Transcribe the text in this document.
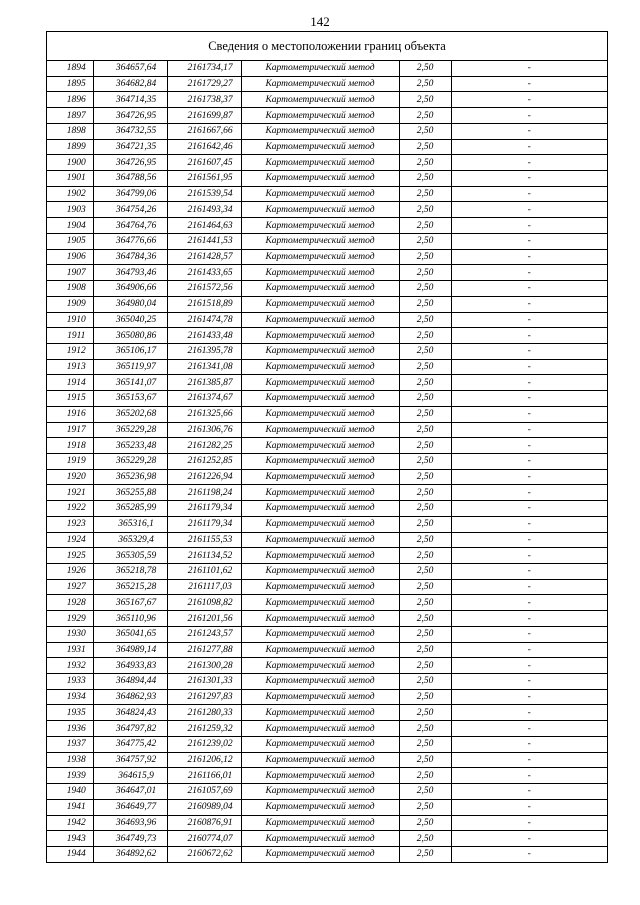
142
Сведения о местоположении границ объекта
1894	364657,64	2161734,17	Картометрический метод	2,50	-
1895	364682,84	2161729,27	Картометрический метод	2,50	-
1896	364714,35	2161738,37	Картометрический метод	2,50	-
1897	364726,95	2161699,87	Картометрический метод	2,50	-
1898	364732,55	2161667,66	Картометрический метод	2,50	-
1899	364721,35	2161642,46	Картометрический метод	2,50	-
1900	364726,95	2161607,45	Картометрический метод	2,50	-
1901	364788,56	2161561,95	Картометрический метод	2,50	-
1902	364799,06	2161539,54	Картометрический метод	2,50	-
1903	364754,26	2161493,34	Картометрический метод	2,50	-
1904	364764,76	2161464,63	Картометрический метод	2,50	-
1905	364776,66	2161441,53	Картометрический метод	2,50	-
1906	364784,36	2161428,57	Картометрический метод	2,50	-
1907	364793,46	2161433,65	Картометрический метод	2,50	-
1908	364906,66	2161572,56	Картометрический метод	2,50	-
1909	364980,04	2161518,89	Картометрический метод	2,50	-
1910	365040,25	2161474,78	Картометрический метод	2,50	-
1911	365080,86	2161433,48	Картометрический метод	2,50	-
1912	365106,17	2161395,78	Картометрический метод	2,50	-
1913	365119,97	2161341,08	Картометрический метод	2,50	-
1914	365141,07	2161385,87	Картометрический метод	2,50	-
1915	365153,67	2161374,67	Картометрический метод	2,50	-
1916	365202,68	2161325,66	Картометрический метод	2,50	-
1917	365229,28	2161306,76	Картометрический метод	2,50	-
1918	365233,48	2161282,25	Картометрический метод	2,50	-
1919	365229,28	2161252,85	Картометрический метод	2,50	-
1920	365236,98	2161226,94	Картометрический метод	2,50	-
1921	365255,88	2161198,24	Картометрический метод	2,50	-
1922	365285,99	2161179,34	Картометрический метод	2,50	-
1923	365316,1	2161179,34	Картометрический метод	2,50	-
1924	365329,4	2161155,53	Картометрический метод	2,50	-
1925	365305,59	2161134,52	Картометрический метод	2,50	-
1926	365218,78	2161101,62	Картометрический метод	2,50	-
1927	365215,28	2161117,03	Картометрический метод	2,50	-
1928	365167,67	2161098,82	Картометрический метод	2,50	-
1929	365110,96	2161201,56	Картометрический метод	2,50	-
1930	365041,65	2161243,57	Картометрический метод	2,50	-
1931	364989,14	2161277,88	Картометрический метод	2,50	-
1932	364933,83	2161300,28	Картометрический метод	2,50	-
1933	364894,44	2161301,33	Картометрический метод	2,50	-
1934	364862,93	2161297,83	Картометрический метод	2,50	-
1935	364824,43	2161280,33	Картометрический метод	2,50	-
1936	364797,82	2161259,32	Картометрический метод	2,50	-
1937	364775,42	2161239,02	Картометрический метод	2,50	-
1938	364757,92	2161206,12	Картометрический метод	2,50	-
1939	364615,9	2161166,01	Картометрический метод	2,50	-
1940	364647,01	2161057,69	Картометрический метод	2,50	-
1941	364649,77	2160989,04	Картометрический метод	2,50	-
1942	364693,96	2160876,91	Картометрический метод	2,50	-
1943	364749,73	2160774,07	Картометрический метод	2,50	-
1944	364892,62	2160672,62	Картометрический метод	2,50	-
